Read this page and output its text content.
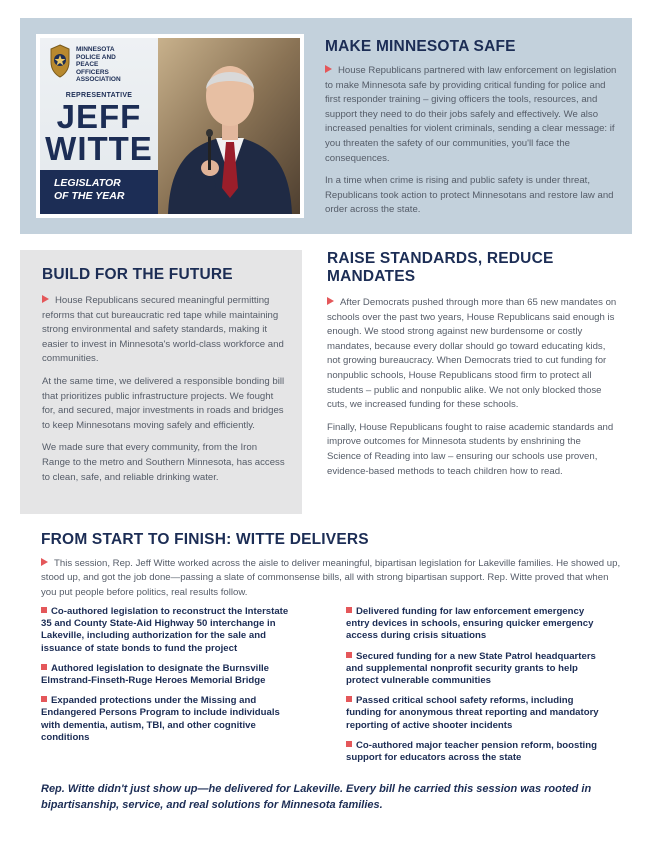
MINNESOTA
POLICE AND
PEACE
OFFICERS
ASSOCIATION
REPRESENTATIVE
JEFF
WITTE
LEGISLATOR
OF THE YEAR
MAKE MINNESOTA SAFE

House Republicans partnered with law enforcement on legislation to make Minnesota safe by providing critical funding for police and first responder training – giving officers the tools, resources, and support they need to do their jobs safely and effectively. We also increased penalties for violent criminals, sending a clear message: if you threaten the safety of our communities, you'll face the consequences.

In a time when crime is rising and public safety is under threat, Republicans took action to protect Minnesotans and restore law and order across the state.

BUILD FOR THE FUTURE

House Republicans secured meaningful permitting reforms that cut bureaucratic red tape while maintaining strong environmental and safety standards, making it easier to invest in Minnesota's world-class workforce and communities.

At the same time, we delivered a responsible bonding bill that prioritizes public infrastructure projects. We fought for, and secured, major investments in roads and bridges to keep Minnesotans moving safely and efficiently.

We made sure that every community, from the Iron Range to the metro and Southern Minnesota, has access to clean, safe, and reliable drinking water.

RAISE STANDARDS, REDUCE MANDATES

After Democrats pushed through more than 65 new mandates on schools over the past two years, House Republicans said enough is enough. We stood strong against new burdensome or costly mandates, because every dollar should go toward educating kids, not growing bureaucracy. When Democrats tried to cut funding for nonpublic schools, House Republicans stood firm to protect all students – public and nonpublic alike. We not only blocked those cuts, we increased funding for these schools.

Finally, House Republicans fought to raise academic standards and improve outcomes for Minnesota students by enshrining the Science of Reading into law – ensuring our schools use proven, evidence-based methods to teach children how to read.

FROM START TO FINISH: WITTE DELIVERS

This session, Rep. Jeff Witte worked across the aisle to deliver meaningful, bipartisan legislation for Lakeville families. He showed up, stood up, and got the job done—passing a slate of commonsense bills, all with strong bipartisan support. Rep. Witte proved that when you put people before politics, real results follow.

Co-authored legislation to reconstruct the Interstate 35 and County State-Aid Highway 50 interchange in Lakeville, including authorization for the sale and issuance of state bonds to fund the project
Authored legislation to designate the Burnsville Elmstrand-Finseth-Ruge Heroes Memorial Bridge
Expanded protections under the Missing and Endangered Persons Program to include individuals with dementia, autism, TBI, and other cognitive conditions
Delivered funding for law enforcement emergency entry devices in schools, ensuring quicker emergency access during crisis situations
Secured funding for a new State Patrol headquarters and supplemental nonprofit security grants to help protect vulnerable communities
Passed critical school safety reforms, including funding for anonymous threat reporting and mandatory reporting of active shooter incidents
Co-authored major teacher pension reform, boosting support for educators across the state
Rep. Witte didn't just show up—he delivered for Lakeville. Every bill he carried this session was rooted in bipartisanship, service, and real solutions for Minnesota families.
